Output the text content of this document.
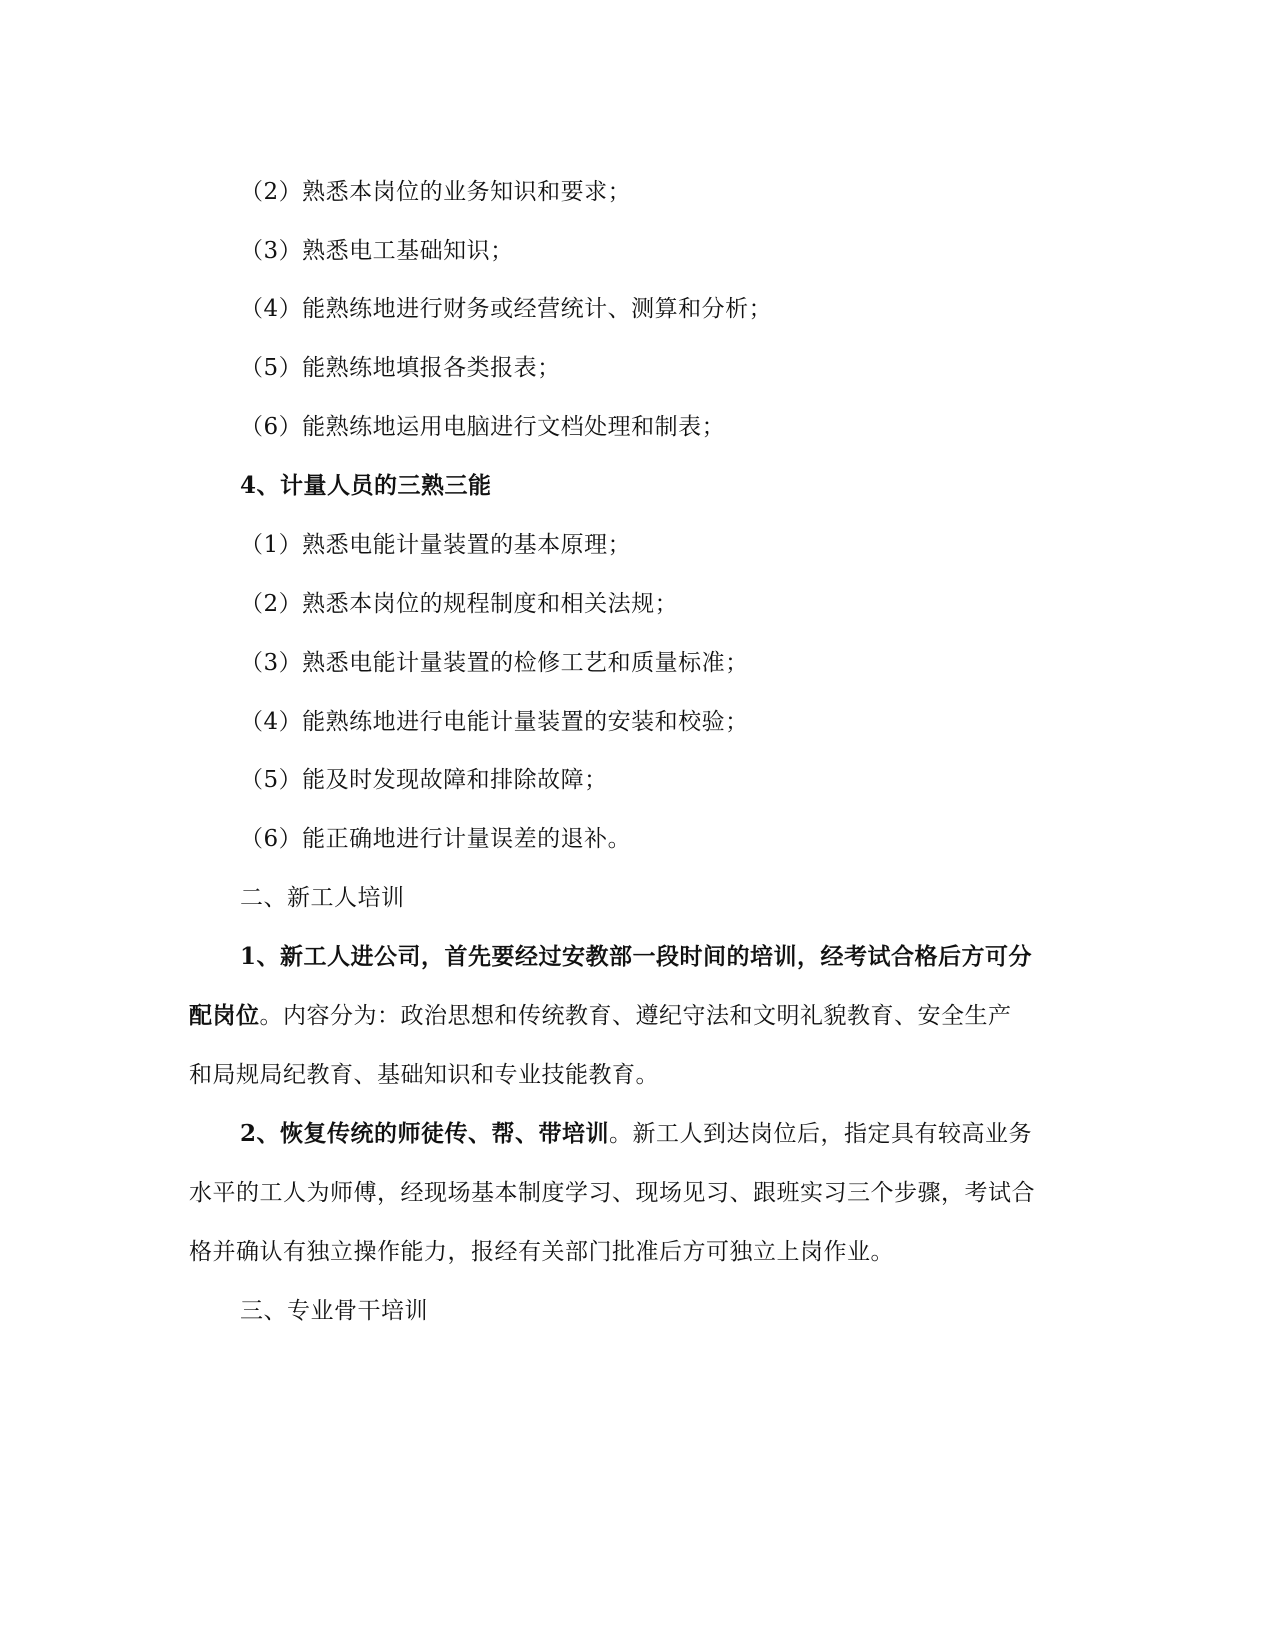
（2）熟悉本岗位的业务知识和要求；
（3）熟悉电工基础知识；
（4）能熟练地进行财务或经营统计、测算和分析；
（5）能熟练地填报各类报表；
（6）能熟练地运用电脑进行文档处理和制表；
4、计量人员的三熟三能
（1）熟悉电能计量装置的基本原理；
（2）熟悉本岗位的规程制度和相关法规；
（3）熟悉电能计量装置的检修工艺和质量标准；
（4）能熟练地进行电能计量装置的安装和校验；
（5）能及时发现故障和排除故障；
（6）能正确地进行计量误差的退补。
二、新工人培训
1、新工人进公司，首先要经过安教部一段时间的培训，经考试合格后方可分
配岗位。内容分为：政治思想和传统教育、遵纪守法和文明礼貌教育、安全生产
和局规局纪教育、基础知识和专业技能教育。
2、恢复传统的师徒传、帮、带培训。新工人到达岗位后，指定具有较高业务
水平的工人为师傅，经现场基本制度学习、现场见习、跟班实习三个步骤，考试合
格并确认有独立操作能力，报经有关部门批准后方可独立上岗作业。
三、专业骨干培训
